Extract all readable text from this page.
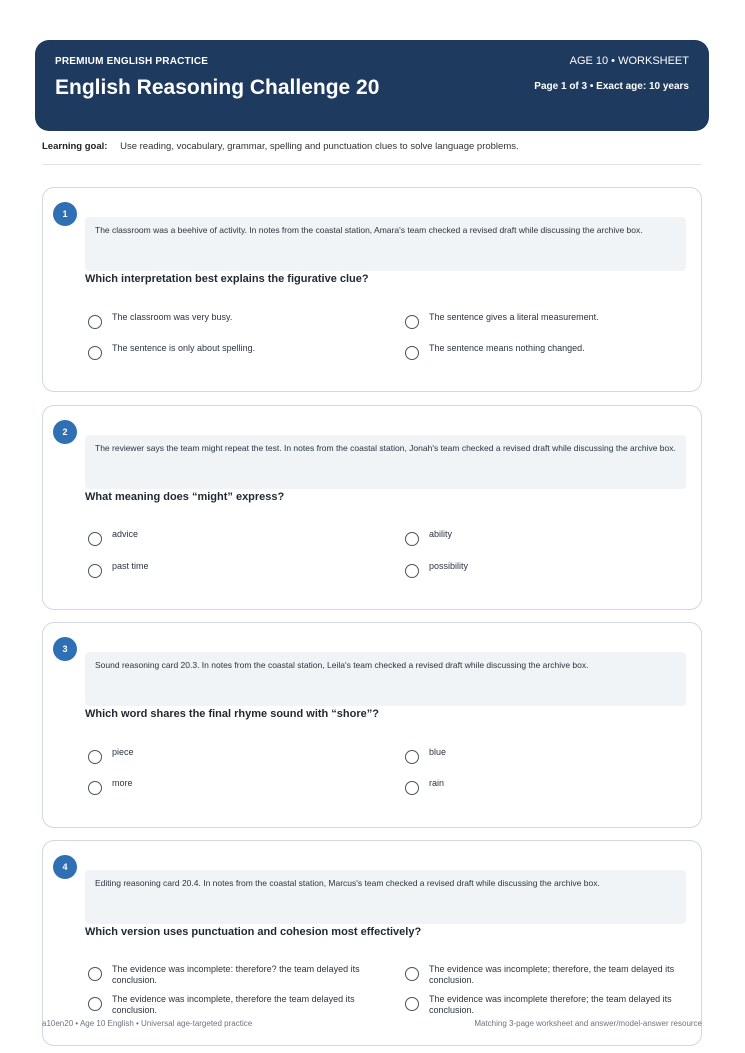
PREMIUM ENGLISH PRACTICE
English Reasoning Challenge 20
AGE 10 • WORKSHEET
Page 1 of 3 • Exact age: 10 years
Learning goal: Use reading, vocabulary, grammar, spelling and punctuation clues to solve language problems.
1
The classroom was a beehive of activity. In notes from the coastal station, Amara's team checked a revised draft while discussing the archive box.
Which interpretation best explains the figurative clue?
The classroom was very busy.	The sentence gives a literal measurement.
The sentence is only about spelling.	The sentence means nothing changed.
2
The reviewer says the team might repeat the test. In notes from the coastal station, Jonah's team checked a revised draft while discussing the archive box.
What meaning does “might” express?
advice	ability
past time	possibility
3
Sound reasoning card 20.3. In notes from the coastal station, Leila's team checked a revised draft while discussing the archive box.
Which word shares the final rhyme sound with “shore”?
piece	blue
more	rain
4
Editing reasoning card 20.4. In notes from the coastal station, Marcus's team checked a revised draft while discussing the archive box.
Which version uses punctuation and cohesion most effectively?
The evidence was incomplete: therefore? the team delayed its conclusion.
The evidence was incomplete; therefore, the team delayed its conclusion.
The evidence was incomplete, therefore the team delayed its conclusion.
The evidence was incomplete therefore; the team delayed its conclusion.
a10en20 • Age 10 English • Universal age-targeted practice	Matching 3-page worksheet and answer/model-answer resource
